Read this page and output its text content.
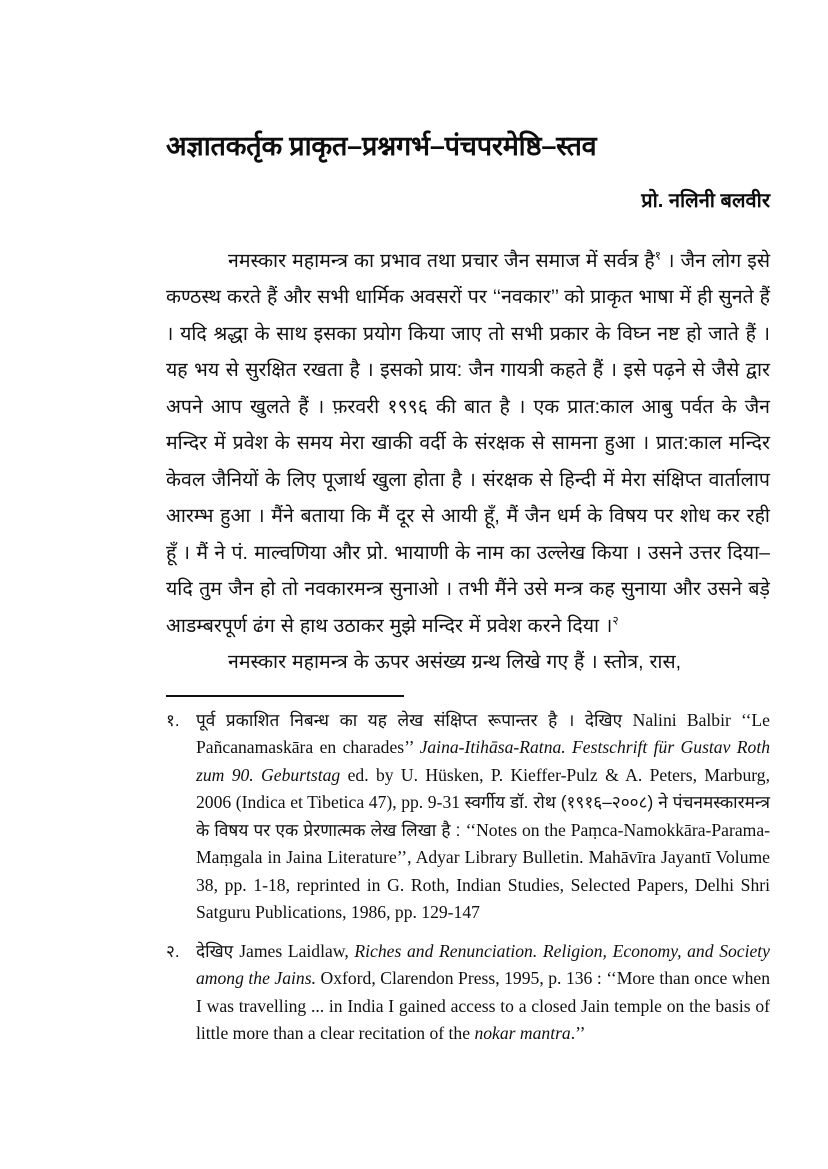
अज्ञातकर्तृक प्राकृत–प्रश्नगर्भ–पंचपरमेष्ठि–स्तव
प्रो. नलिनी बलवीर

नमस्कार महामन्त्र का प्रभाव तथा प्रचार जैन समाज में सर्वत्र है$^१$ । जैन लोग इसे कण्ठस्थ करते हैं और सभी धार्मिक अवसरों पर ‘‘नवकार’’ को प्राकृत भाषा में ही सुनते हैं । यदि श्रद्धा के साथ इसका प्रयोग किया जाए तो सभी प्रकार के विघ्न नष्ट हो जाते हैं । यह भय से सुरक्षित रखता है । इसको प्राय: जैन गायत्री कहते हैं । इसे पढ़ने से जैसे द्वार अपने आप खुलते हैं । फ़रवरी १९९६ की बात है । एक प्रात:काल आबु पर्वत के जैन मन्दिर में प्रवेश के समय मेरा खाकी वर्दी के संरक्षक से सामना हुआ । प्रात:काल मन्दिर केवल जैनियों के लिए पूजार्थ खुला होता है । संरक्षक से हिन्दी में मेरा संक्षिप्त वार्तालाप आरम्भ हुआ । मैंने बताया कि मैं दूर से आयी हूँ, मैं जैन धर्म के विषय पर शोध कर रही हूँ । मैं ने पं. माल्वणिया और प्रो. भायाणी के नाम का उल्लेख किया । उसने उत्तर दिया–यदि तुम जैन हो तो नवकारमन्त्र सुनाओ । तभी मैंने उसे मन्त्र कह सुनाया और उसने बड़े आडम्बरपूर्ण ढंग से हाथ उठाकर मुझे मन्दिर में प्रवेश करने दिया ।$^२$

नमस्कार महामन्त्र के ऊपर असंख्य ग्रन्थ लिखे गए हैं । स्तोत्र, रास,

१. पूर्व प्रकाशित निबन्ध का यह लेख संक्षिप्त रूपान्तर है । देखिए Nalini Balbir ‘‘Le Pañcanamaskāra en charades’’ Jaina-Itihāsa-Ratna. Festschrift für Gustav Roth zum 90. Geburtstag ed. by U. Hüsken, P. Kieffer-Pulz & A. Peters, Marburg, 2006 (Indica et Tibetica 47), pp. 9-31 स्वर्गीय डॉ. रोथ (१९१६–२००८) ने पंचनमस्कारमन्त्र के विषय पर एक प्रेरणात्मक लेख लिखा है : ‘‘Notes on the Paṃca-Namokkāra-Parama-Maṃgala in Jaina Literature’’, Adyar Library Bulletin. Mahāvīra Jayantī Volume 38, pp. 1-18, reprinted in G. Roth, Indian Studies, Selected Papers, Delhi Shri Satguru Publications, 1986, pp. 129-147
२. देखिए James Laidlaw, Riches and Renunciation. Religion, Economy, and Society among the Jains. Oxford, Clarendon Press, 1995, p. 136 : ‘‘More than once when I was travelling ... in India I gained access to a closed Jain temple on the basis of little more than a clear recitation of the nokar mantra.’’
